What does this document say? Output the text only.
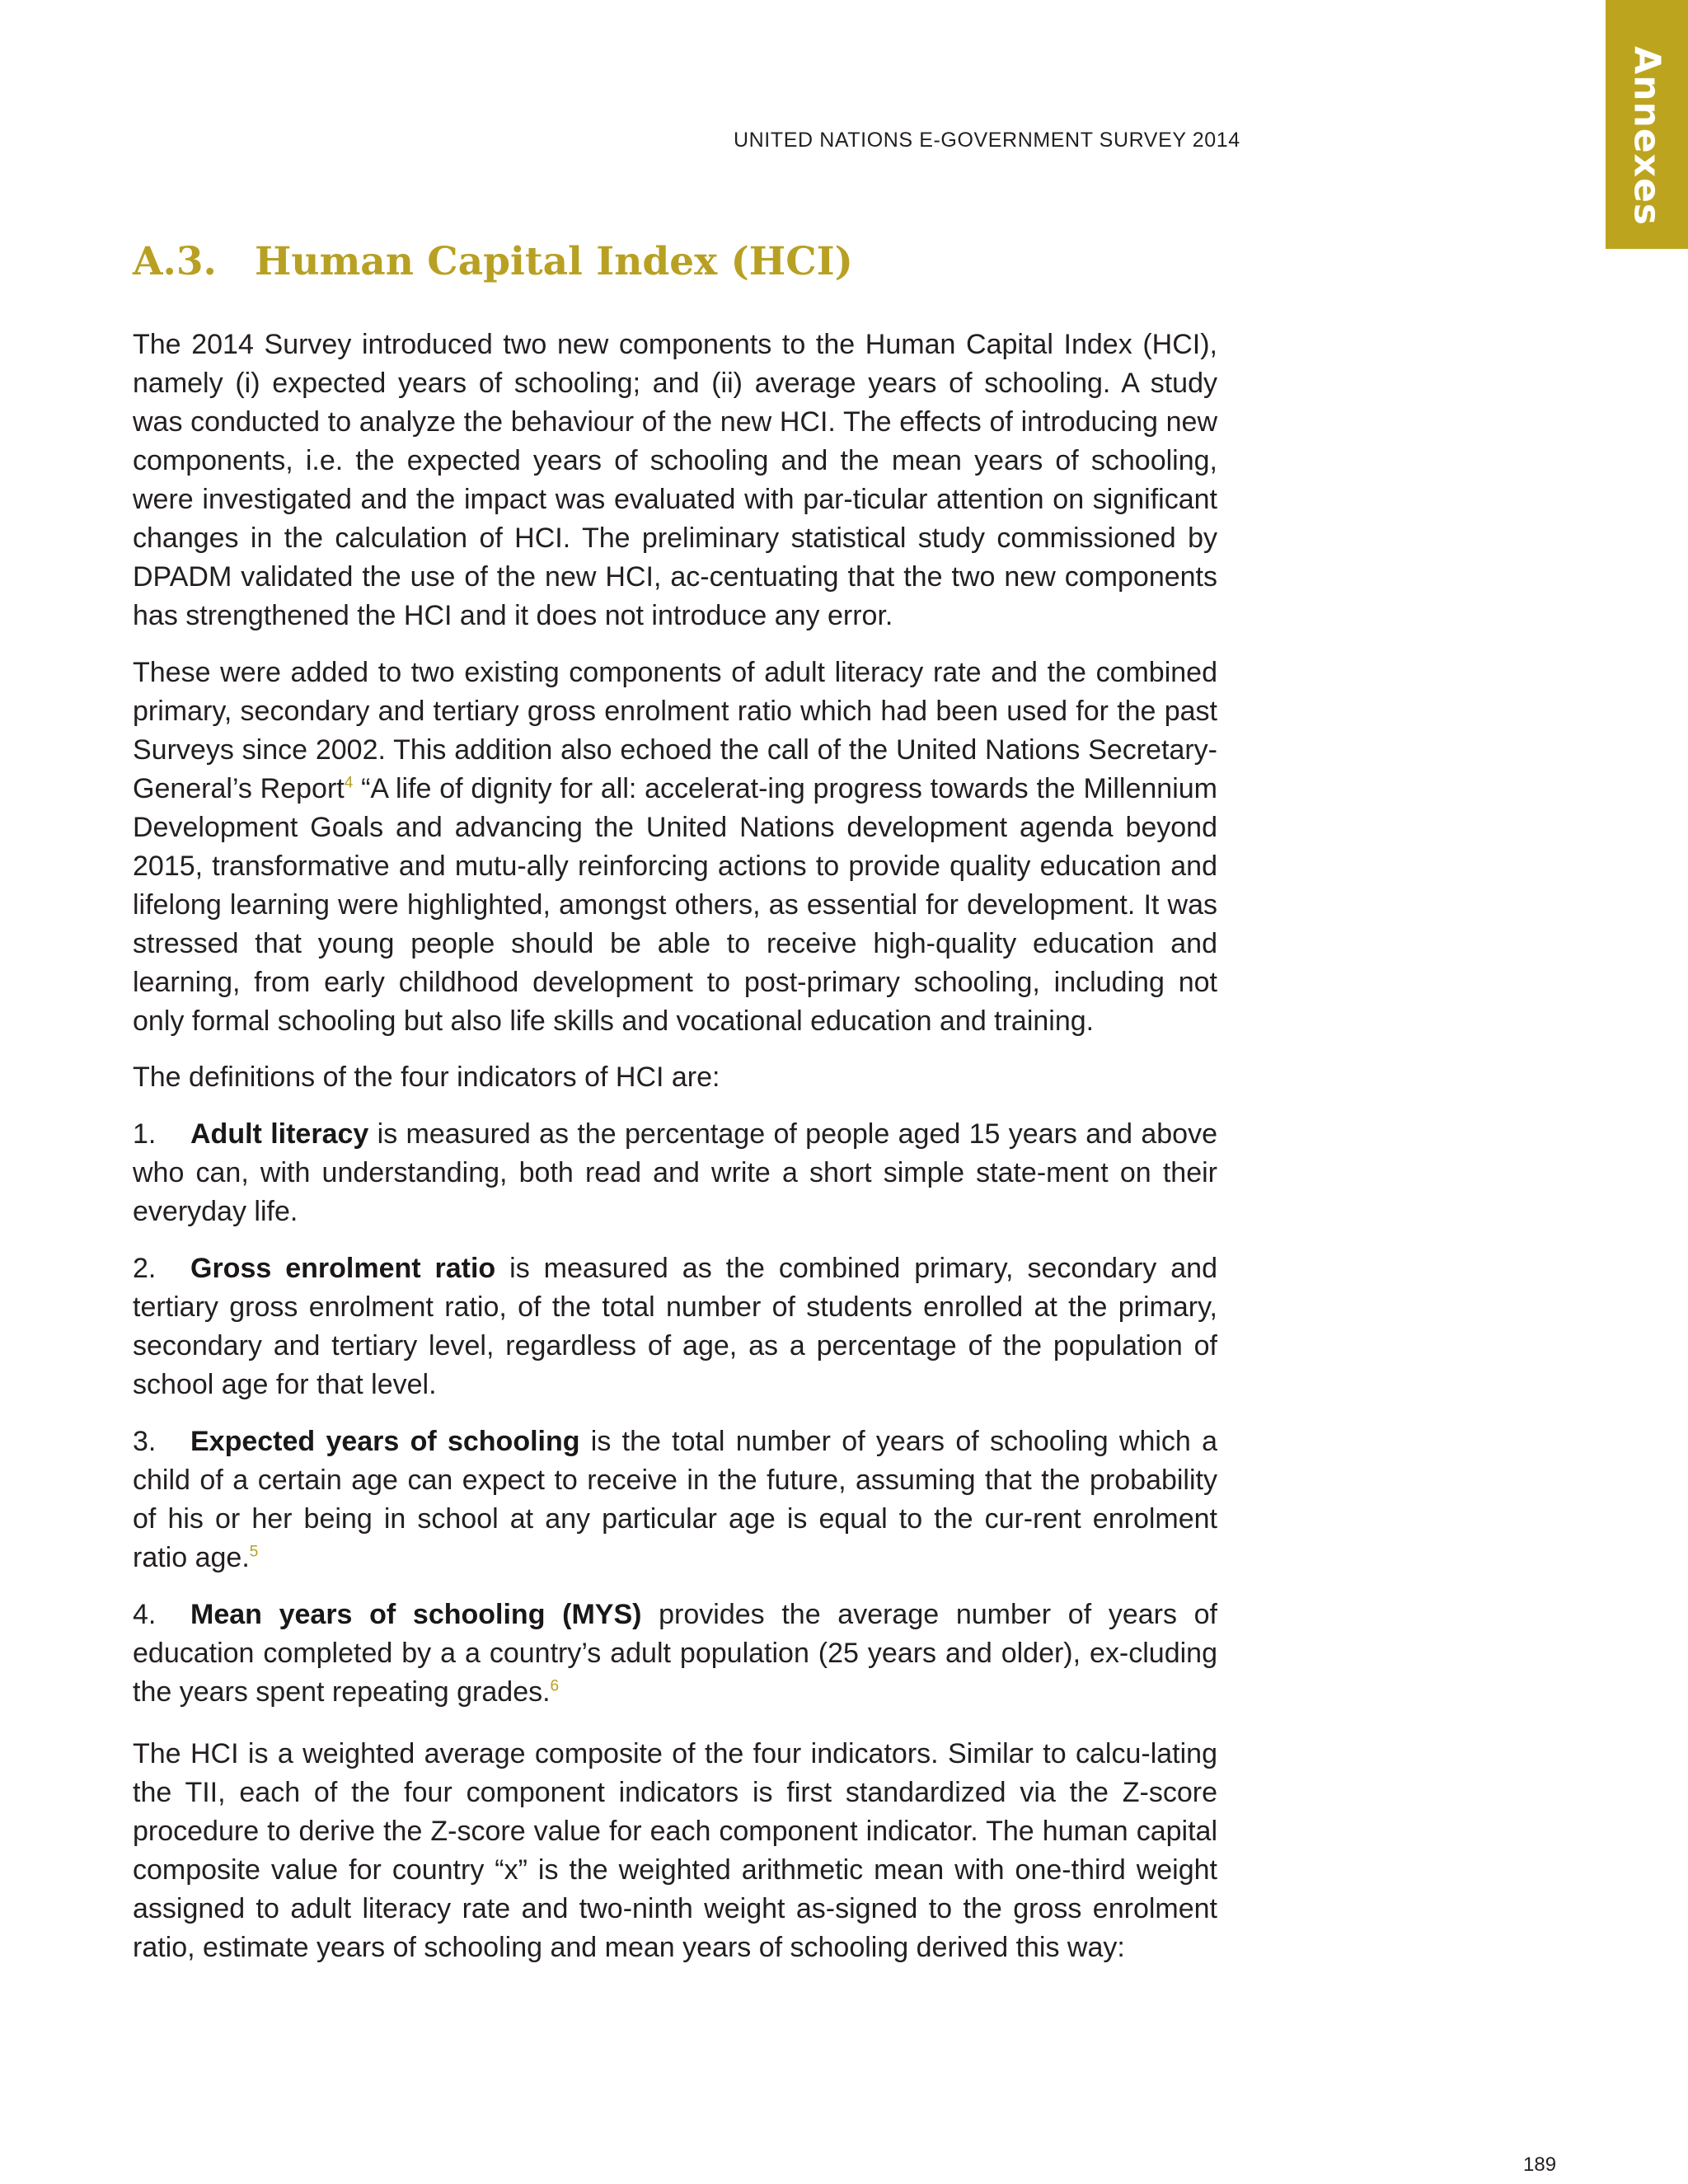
Annexes
UNITED NATIONS E-GOVERNMENT SURVEY 2014
A.3. Human Capital Index (HCI)

The 2014 Survey introduced two new components to the Human Capital Index (HCI), namely (i) expected years of schooling; and (ii) average years of schooling. A study was conducted to analyze the behaviour of the new HCI. The effects of introducing new components, i.e. the expected years of schooling and the mean years of schooling, were investigated and the impact was evaluated with par-ticular attention on significant changes in the calculation of HCI. The preliminary statistical study commissioned by DPADM validated the use of the new HCI, ac-centuating that the two new components has strengthened the HCI and it does not introduce any error.

These were added to two existing components of adult literacy rate and the combined primary, secondary and tertiary gross enrolment ratio which had been used for the past Surveys since 2002. This addition also echoed the call of the United Nations Secretary-General’s Report$^4$ “A life of dignity for all: accelerat-ing progress towards the Millennium Development Goals and advancing the United Nations development agenda beyond 2015, transformative and mutu-ally reinforcing actions to provide quality education and lifelong learning were highlighted, amongst others, as essential for development. It was stressed that young people should be able to receive high-quality education and learning, from early childhood development to post-primary schooling, including not only formal schooling but also life skills and vocational education and training.

The definitions of the four indicators of HCI are:

1. Adult literacy is measured as the percentage of people aged 15 years and above who can, with understanding, both read and write a short simple state-ment on their everyday life.

2. Gross enrolment ratio is measured as the combined primary, secondary and tertiary gross enrolment ratio, of the total number of students enrolled at the primary, secondary and tertiary level, regardless of age, as a percentage of the population of school age for that level.

3. Expected years of schooling is the total number of years of schooling which a child of a certain age can expect to receive in the future, assuming that the probability of his or her being in school at any particular age is equal to the cur-rent enrolment ratio age.$^5$

4. Mean years of schooling (MYS) provides the average number of years of education completed by a a country’s adult population (25 years and older), ex-cluding the years spent repeating grades.$^6$

The HCI is a weighted average composite of the four indicators. Similar to calcu-lating the TII, each of the four component indicators is first standardized via the Z-score procedure to derive the Z-score value for each component indicator. The human capital composite value for country “x” is the weighted arithmetic mean with one-third weight assigned to adult literacy rate and two-ninth weight as-signed to the gross enrolment ratio, estimate years of schooling and mean years of schooling derived this way:

189
